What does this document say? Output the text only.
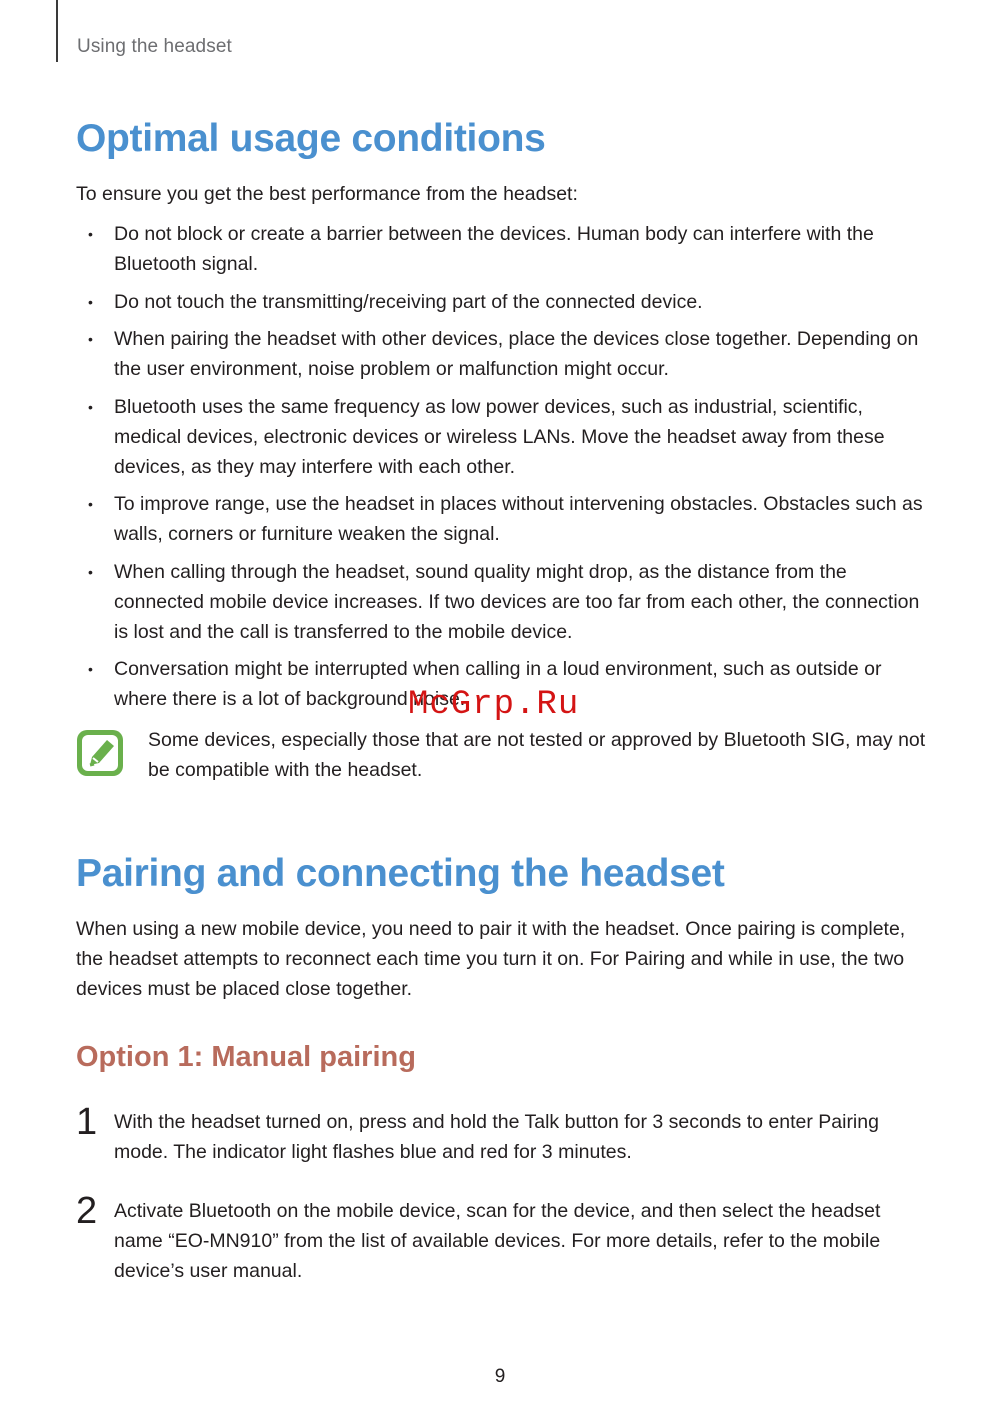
Using the headset
Optimal usage conditions

To ensure you get the best performance from the headset:

• Do not block or create a barrier between the devices. Human body can interfere with the Bluetooth signal.
• Do not touch the transmitting/receiving part of the connected device.
• When pairing the headset with other devices, place the devices close together. Depending on the user environment, noise problem or malfunction might occur.
• Bluetooth uses the same frequency as low power devices, such as industrial, scientific, medical devices, electronic devices or wireless LANs. Move the headset away from these devices, as they may interfere with each other.
• To improve range, use the headset in places without intervening obstacles. Obstacles such as walls, corners or furniture weaken the signal.
• When calling through the headset, sound quality might drop, as the distance from the connected mobile device increases. If two devices are too far from each other, the connection is lost and the call is transferred to the mobile device.
• Conversation might be interrupted when calling in a loud environment, such as outside or where there is a lot of background noise.

Some devices, especially those that are not tested or approved by Bluetooth SIG, may not be compatible with the headset.

McGrp.Ru
Pairing and connecting the headset

When using a new mobile device, you need to pair it with the headset. Once pairing is complete, the headset attempts to reconnect each time you turn it on. For Pairing and while in use, the two devices must be placed close together.

Option 1: Manual pairing
1 With the headset turned on, press and hold the Talk button for 3 seconds to enter Pairing mode. The indicator light flashes blue and red for 3 minutes.

2 Activate Bluetooth on the mobile device, scan for the device, and then select the headset name “EO-MN910” from the list of available devices. For more details, refer to the mobile device’s user manual.

9
